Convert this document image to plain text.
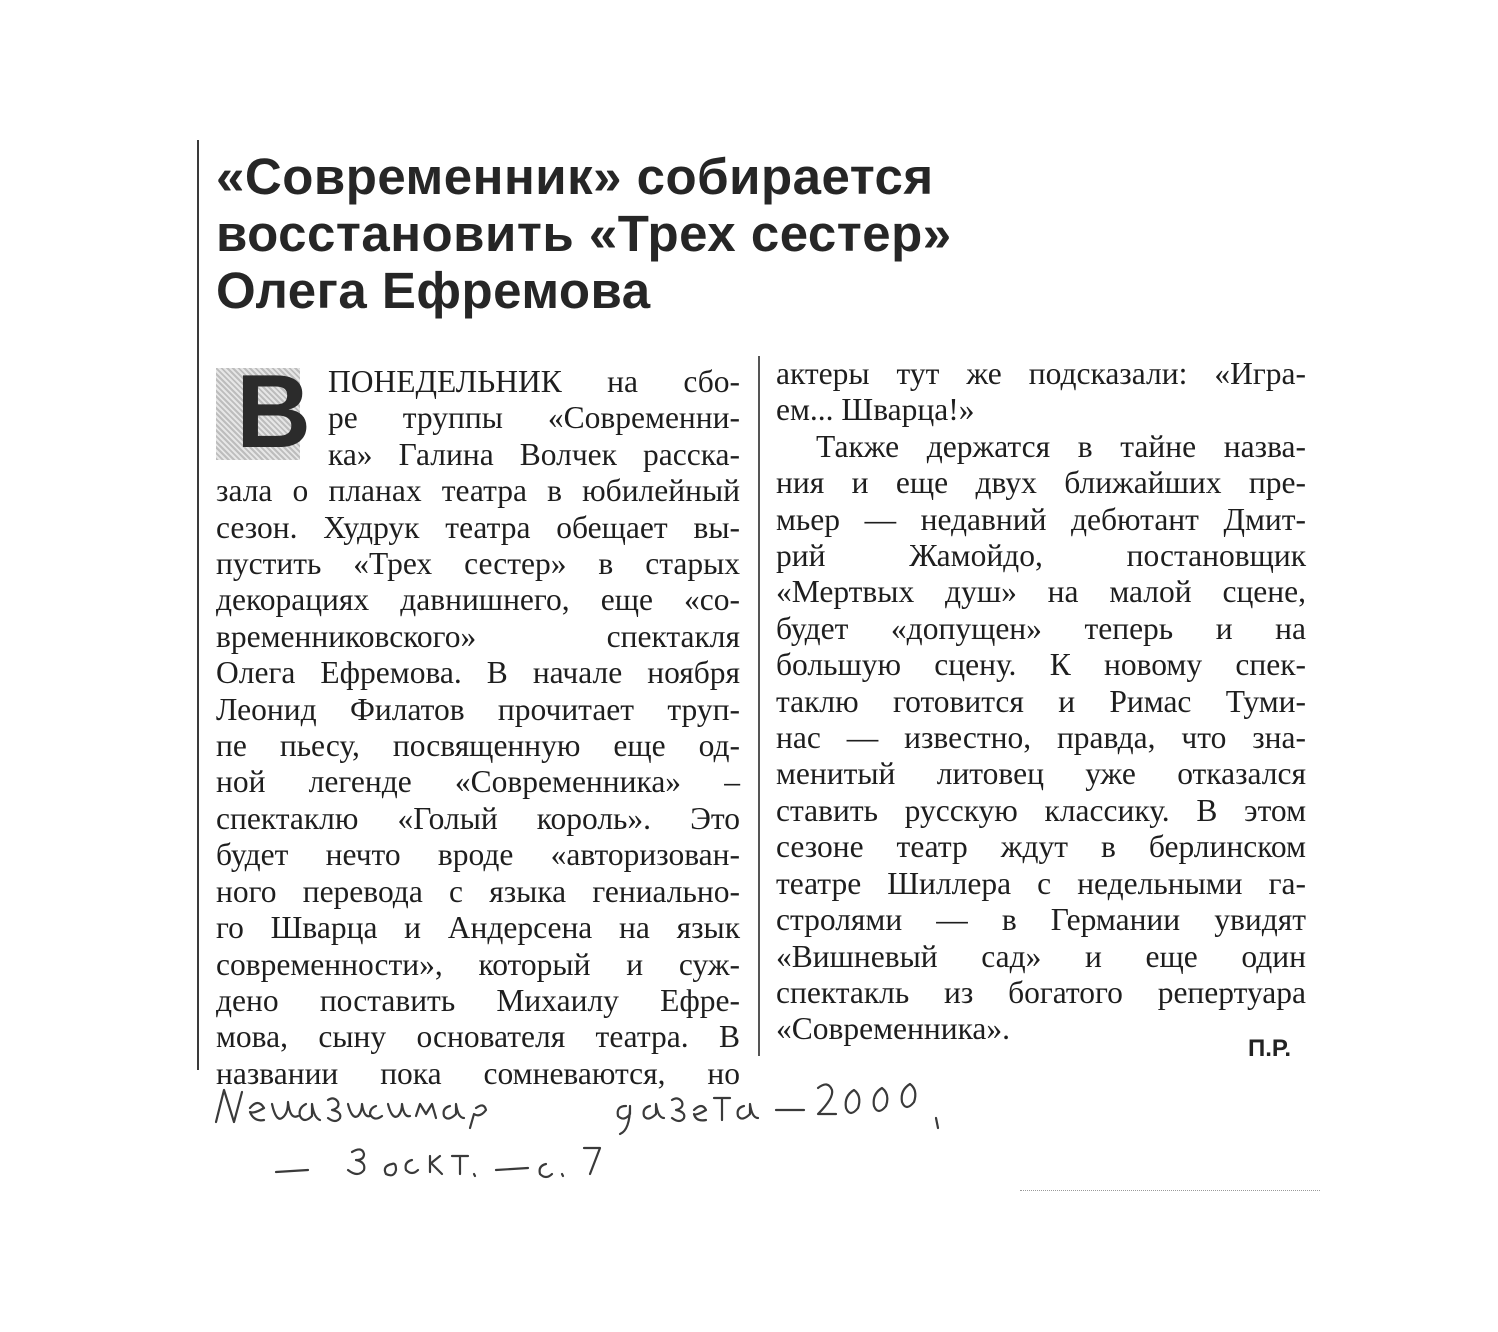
«Современник» собирается
восстановить «Трех сестер»
Олега Ефремова
В ПОНЕДЕЛЬНИК на сбо-
ре труппы «Современни-
ка» Галина Волчек расска-
зала о планах театра в юбилейный
сезон. Худрук театра обещает вы-
пустить «Трех сестер» в старых
декорациях давнишнего, еще «со-
временниковского» спектакля
Олега Ефремова. В начале ноября
Леонид Филатов прочитает труп-
пе пьесу, посвященную еще од-
ной легенде «Современника» –
спектаклю «Голый король». Это
будет нечто вроде «авторизован-
ного перевода с языка гениально-
го Шварца и Андерсена на язык
современности», который и суж-
дено поставить Михаилу Ефре-
мова, сыну основателя театра. В
названии пока сомневаются, но
актеры тут же подсказали: «Игра-
ем... Шварца!»
Также держатся в тайне назва-
ния и еще двух ближайших пре-
мьер — недавний дебютант Дмит-
рий Жамойдо, постановщик
«Мертвых душ» на малой сцене,
будет «допущен» теперь и на
большую сцену. К новому спек-
таклю готовится и Римас Туми-
нас — известно, правда, что зна-
менитый литовец уже отказался
ставить русскую классику. В этом
сезоне театр ждут в берлинском
театре Шиллера с недельными га-
стролями — в Германии увидят
«Вишневый сад» и еще один
спектакль из богатого репертуара
«Современника».
П.Р.
